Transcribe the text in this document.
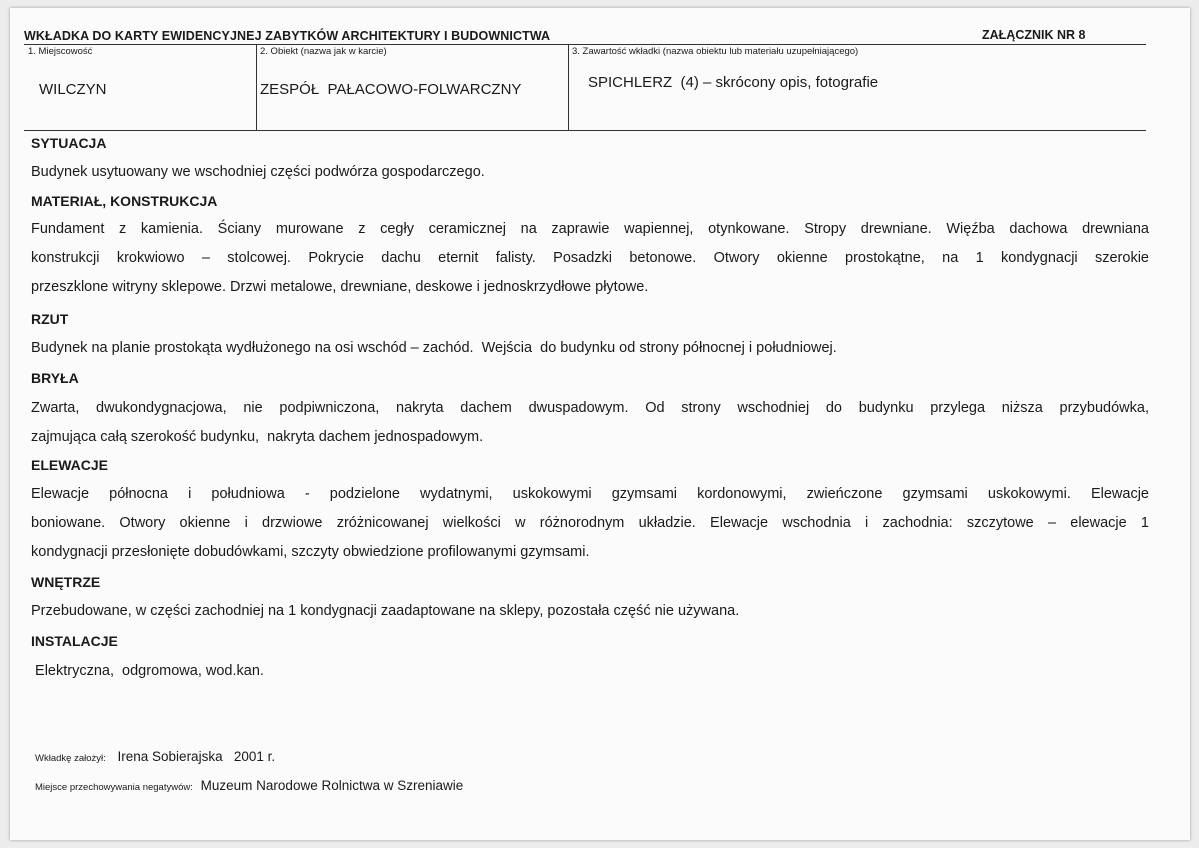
WKŁADKA DO KARTY EWIDENCYJNEJ ZABYTKÓW ARCHITEKTURY I BUDOWNICTWA	ZAŁĄCZNIK NR 8
1. Miejscowość
WILCZYN
2. Obiekt (nazwa jak w karcie)
ZESPÓŁ  PAŁACOWO-FOLWARCZNY
3. Zawartość wkładki (nazwa obiektu lub materiału uzupełniającego)
SPICHLERZ  (4) – skrócony opis, fotografie
SYTUACJA
Budynek usytuowany we wschodniej części podwórza gospodarczego.
MATERIAŁ, KONSTRUKCJA
Fundament z kamienia. Ściany murowane z cegły ceramicznej na zaprawie wapiennej, otynkowane. Stropy drewniane. Więźba dachowa drewniana
konstrukcji krokwiowo – stolcowej. Pokrycie dachu eternit falisty. Posadzki betonowe. Otwory okienne prostokątne, na 1 kondygnacji szerokie
przeszklone witryny sklepowe. Drzwi metalowe, drewniane, deskowe i jednoskrzydłowe płytowe.
RZUT
Budynek na planie prostokąta wydłużonego na osi wschód – zachód.  Wejścia  do budynku od strony północnej i południowej.
BRYŁA
Zwarta, dwukondygnacjowa, nie podpiwniczona, nakryta dachem dwuspadowym. Od strony wschodniej do budynku przylega niższa przybudówka,
zajmująca całą szerokość budynku,  nakryta dachem jednospadowym.
ELEWACJE
Elewacje północna i południowa - podzielone wydatnymi, uskokowymi gzymsami kordonowymi, zwieńczone gzymsami uskokowymi. Elewacje
boniowane. Otwory okienne i drzwiowe zróżnicowanej wielkości w różnorodnym układzie. Elewacje wschodnia i zachodnia: szczytowe – elewacje 1
kondygnacji przesłonięte dobudówkami, szczyty obwiedzione profilowanymi gzymsami.
WNĘTRZE
Przebudowane, w części zachodniej na 1 kondygnacji zaadaptowane na sklepy, pozostała część nie używana.
INSTALACJE
Elektryczna,  odgromowa, wod.kan.
Wkładkę założył: Irena Sobierajska   2001 r.
Miejsce przechowywania negatywów: Muzeum Narodowe Rolnictwa w Szreniawie
